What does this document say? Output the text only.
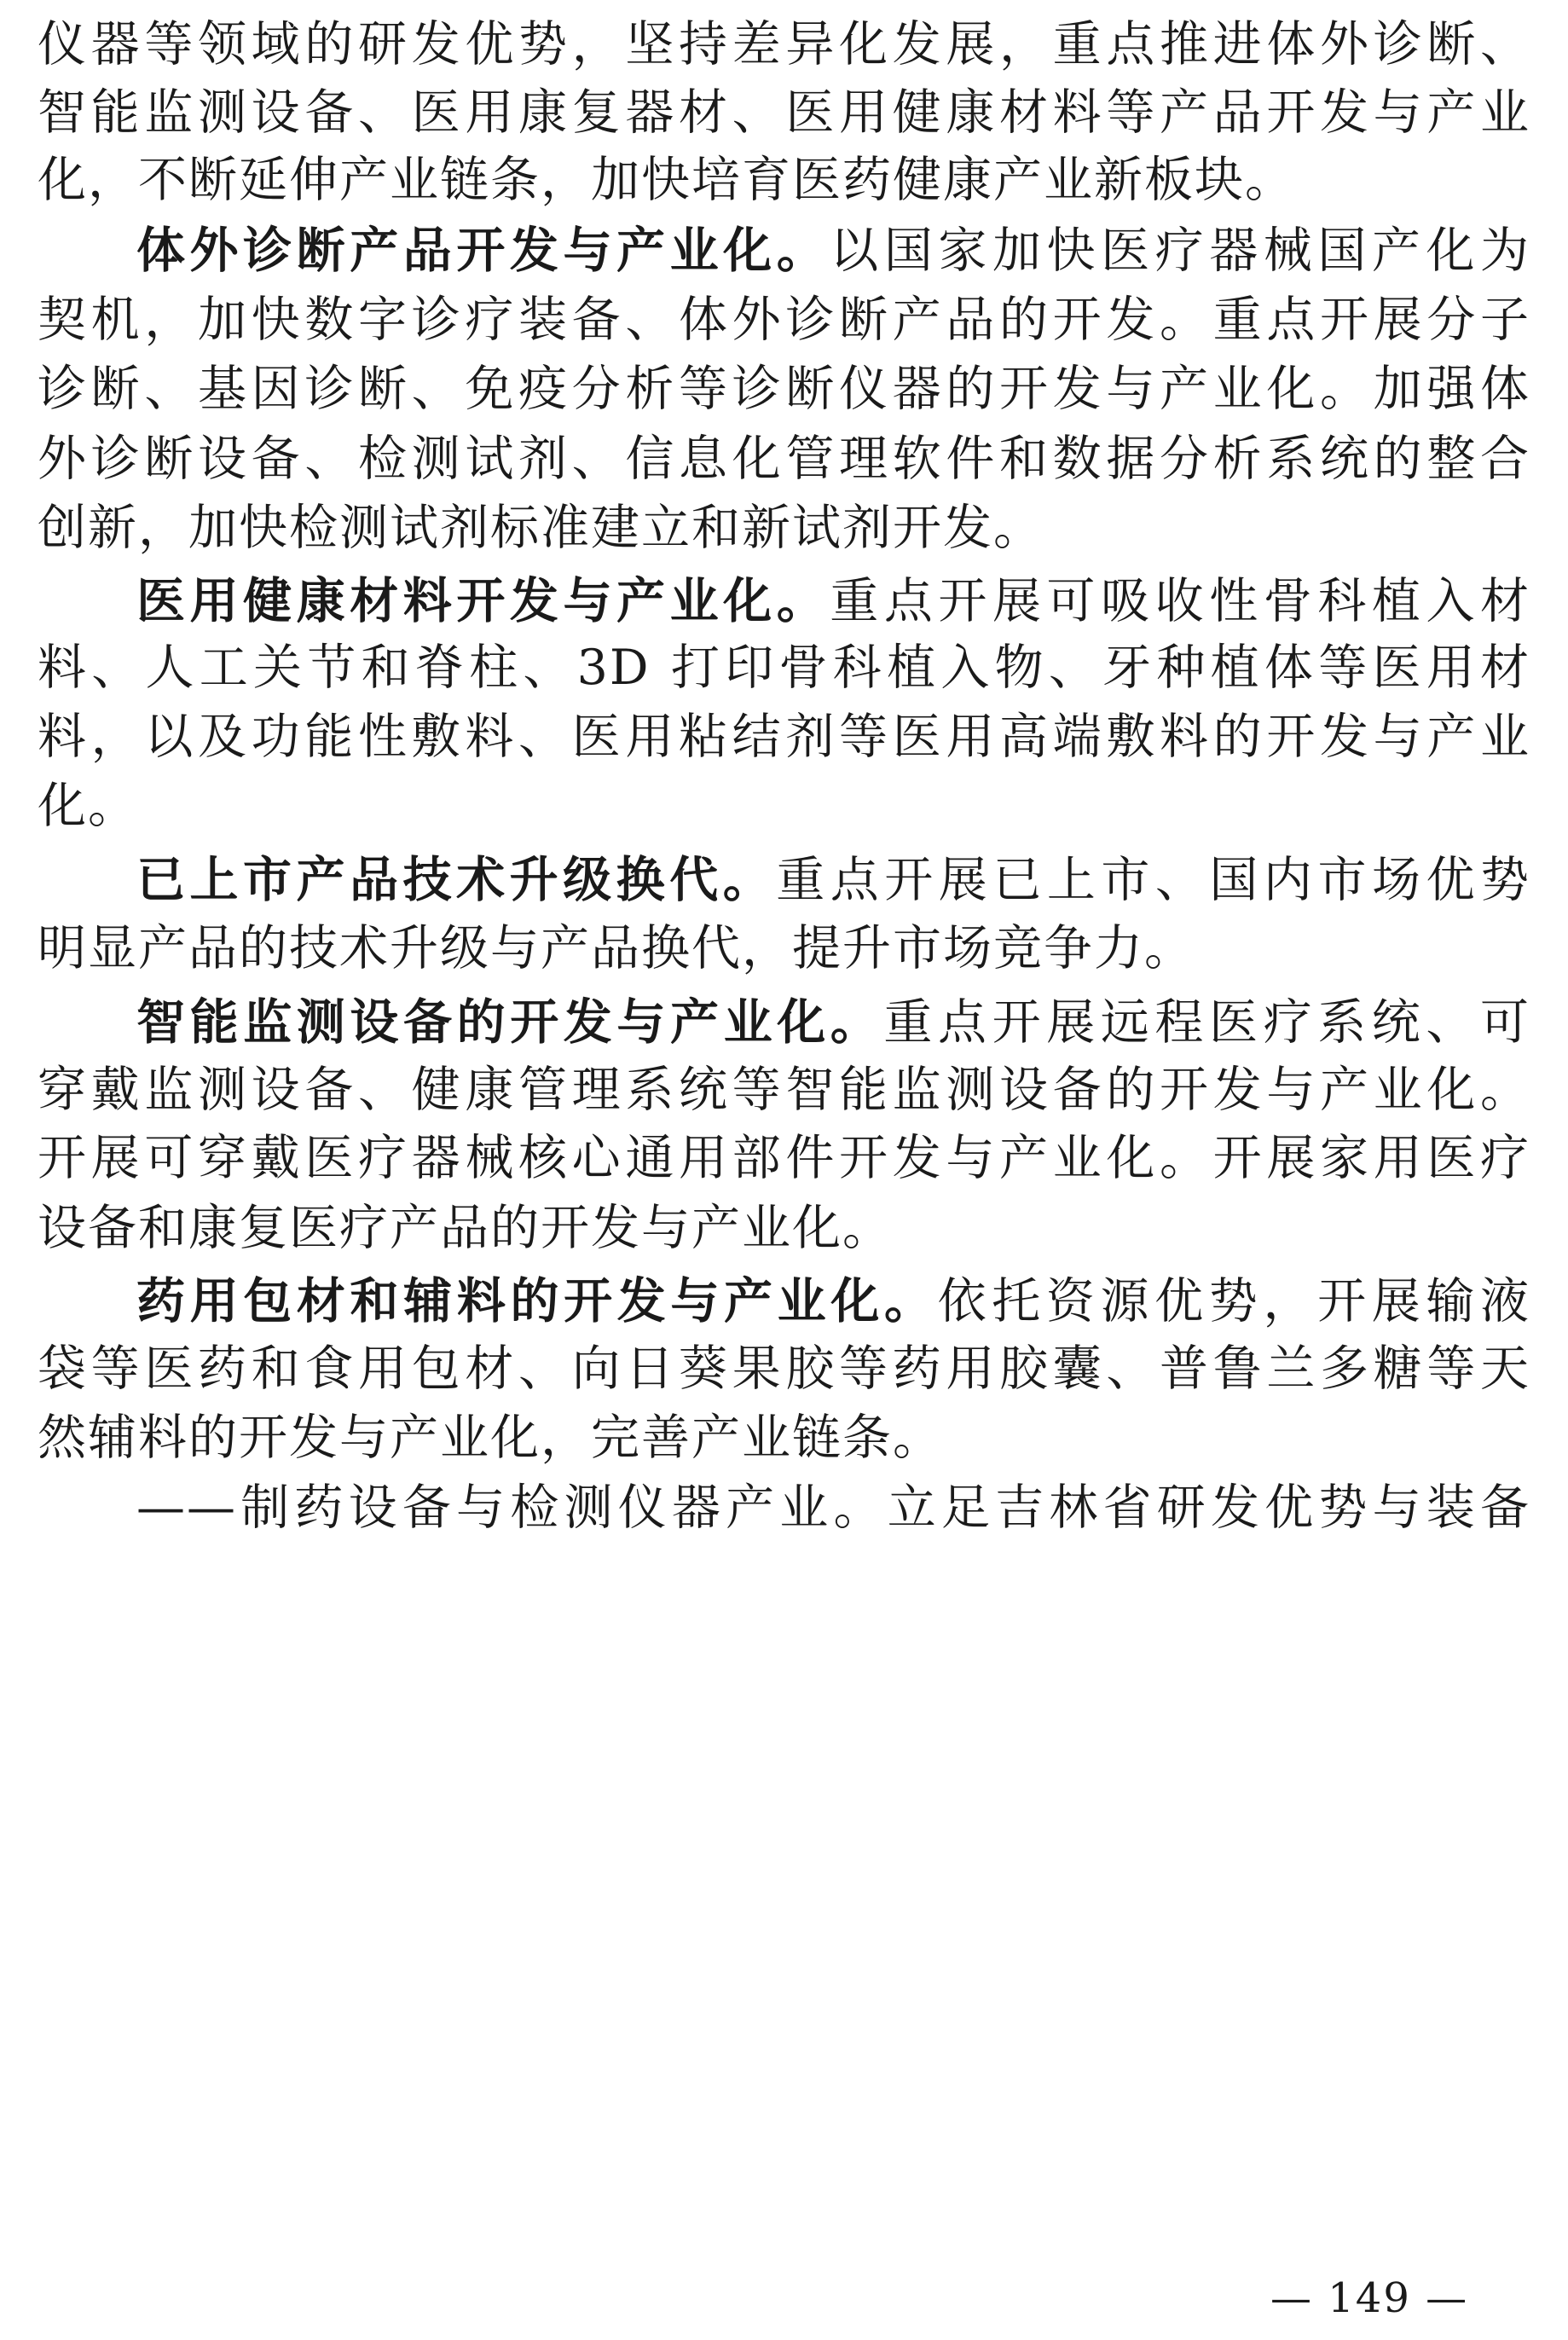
仪器等领域的研发优势，坚持差异化发展，重点推进体外诊断、
智能监测设备、医用康复器材、医用健康材料等产品开发与产业
化，不断延伸产业链条，加快培育医药健康产业新板块。
体外诊断产品开发与产业化。以国家加快医疗器械国产化为
契机，加快数字诊疗装备、体外诊断产品的开发。重点开展分子
诊断、基因诊断、免疫分析等诊断仪器的开发与产业化。加强体
外诊断设备、检测试剂、信息化管理软件和数据分析系统的整合
创新，加快检测试剂标准建立和新试剂开发。
医用健康材料开发与产业化。重点开展可吸收性骨科植入材
料、人工关节和脊柱、3D 打印骨科植入物、牙种植体等医用材
料，以及功能性敷料、医用粘结剂等医用高端敷料的开发与产业
化。
已上市产品技术升级换代。重点开展已上市、国内市场优势
明显产品的技术升级与产品换代，提升市场竞争力。
智能监测设备的开发与产业化。重点开展远程医疗系统、可
穿戴监测设备、健康管理系统等智能监测设备的开发与产业化。
开展可穿戴医疗器械核心通用部件开发与产业化。开展家用医疗
设备和康复医疗产品的开发与产业化。
药用包材和辅料的开发与产业化。依托资源优势，开展输液
袋等医药和食用包材、向日葵果胶等药用胶囊、普鲁兰多糖等天
然辅料的开发与产业化，完善产业链条。
——制药设备与检测仪器产业。立足吉林省研发优势与装备
— 149 —
